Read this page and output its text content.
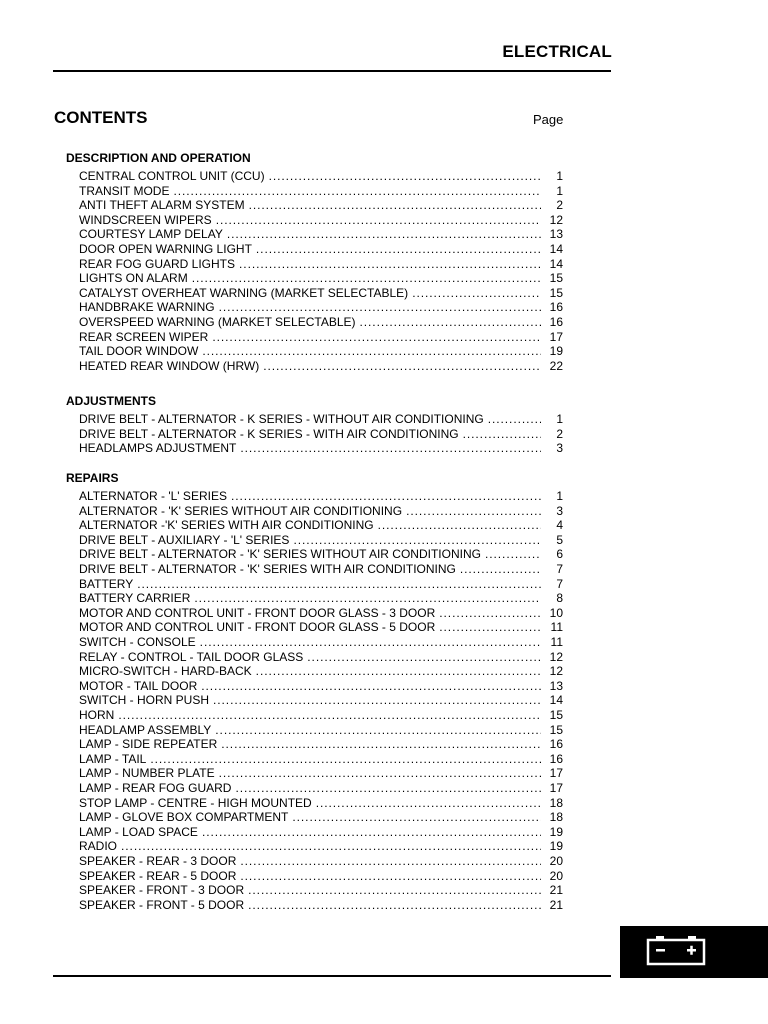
ELECTRICAL
CONTENTS	Page
DESCRIPTION AND OPERATION
CENTRAL CONTROL UNIT (CCU) . . .	1
TRANSIT MODE . . .	1
ANTI THEFT ALARM SYSTEM . . .	2
WINDSCREEN WIPERS . . .	12
COURTESY LAMP DELAY . . .	13
DOOR OPEN WARNING LIGHT . . .	14
REAR FOG GUARD LIGHTS . . .	14
LIGHTS ON ALARM . . .	15
CATALYST OVERHEAT WARNING (MARKET SELECTABLE) . . .	15
HANDBRAKE WARNING . . .	16
OVERSPEED WARNING (MARKET SELECTABLE) . . .	16
REAR SCREEN WIPER . . .	17
TAIL DOOR WINDOW . . .	19
HEATED REAR WINDOW (HRW) . . .	22
ADJUSTMENTS
DRIVE BELT - ALTERNATOR - K SERIES - WITHOUT AIR CONDITIONING . . .	1
DRIVE BELT - ALTERNATOR - K SERIES - WITH AIR CONDITIONING . . .	2
HEADLAMPS ADJUSTMENT . . .	3
REPAIRS
ALTERNATOR - 'L' SERIES . . .	1
ALTERNATOR - 'K' SERIES WITHOUT AIR CONDITIONING . . .	3
ALTERNATOR -'K' SERIES WITH AIR CONDITIONING . . .	4
DRIVE BELT - AUXILIARY - 'L' SERIES . . .	5
DRIVE BELT - ALTERNATOR - 'K' SERIES WITHOUT AIR CONDITIONING . . .	6
DRIVE BELT - ALTERNATOR - 'K' SERIES WITH AIR CONDITIONING . . .	7
BATTERY . . .	7
BATTERY CARRIER . . .	8
MOTOR AND CONTROL UNIT - FRONT DOOR GLASS - 3 DOOR . . .	10
MOTOR AND CONTROL UNIT - FRONT DOOR GLASS - 5 DOOR . . .	11
SWITCH - CONSOLE . . .	11
RELAY - CONTROL - TAIL DOOR GLASS . . .	12
MICRO-SWITCH - HARD-BACK . . .	12
MOTOR - TAIL DOOR . . .	13
SWITCH - HORN PUSH . . .	14
HORN . . .	15
HEADLAMP ASSEMBLY . . .	15
LAMP - SIDE REPEATER . . .	16
LAMP - TAIL . . .	16
LAMP - NUMBER PLATE . . .	17
LAMP - REAR FOG GUARD . . .	17
STOP LAMP - CENTRE - HIGH MOUNTED . . .	18
LAMP - GLOVE BOX COMPARTMENT . . .	18
LAMP - LOAD SPACE . . .	19
RADIO . . .	19
SPEAKER - REAR - 3 DOOR . . .	20
SPEAKER - REAR - 5 DOOR . . .	20
SPEAKER - FRONT - 3 DOOR . . .	21
SPEAKER - FRONT - 5 DOOR . . .	21
